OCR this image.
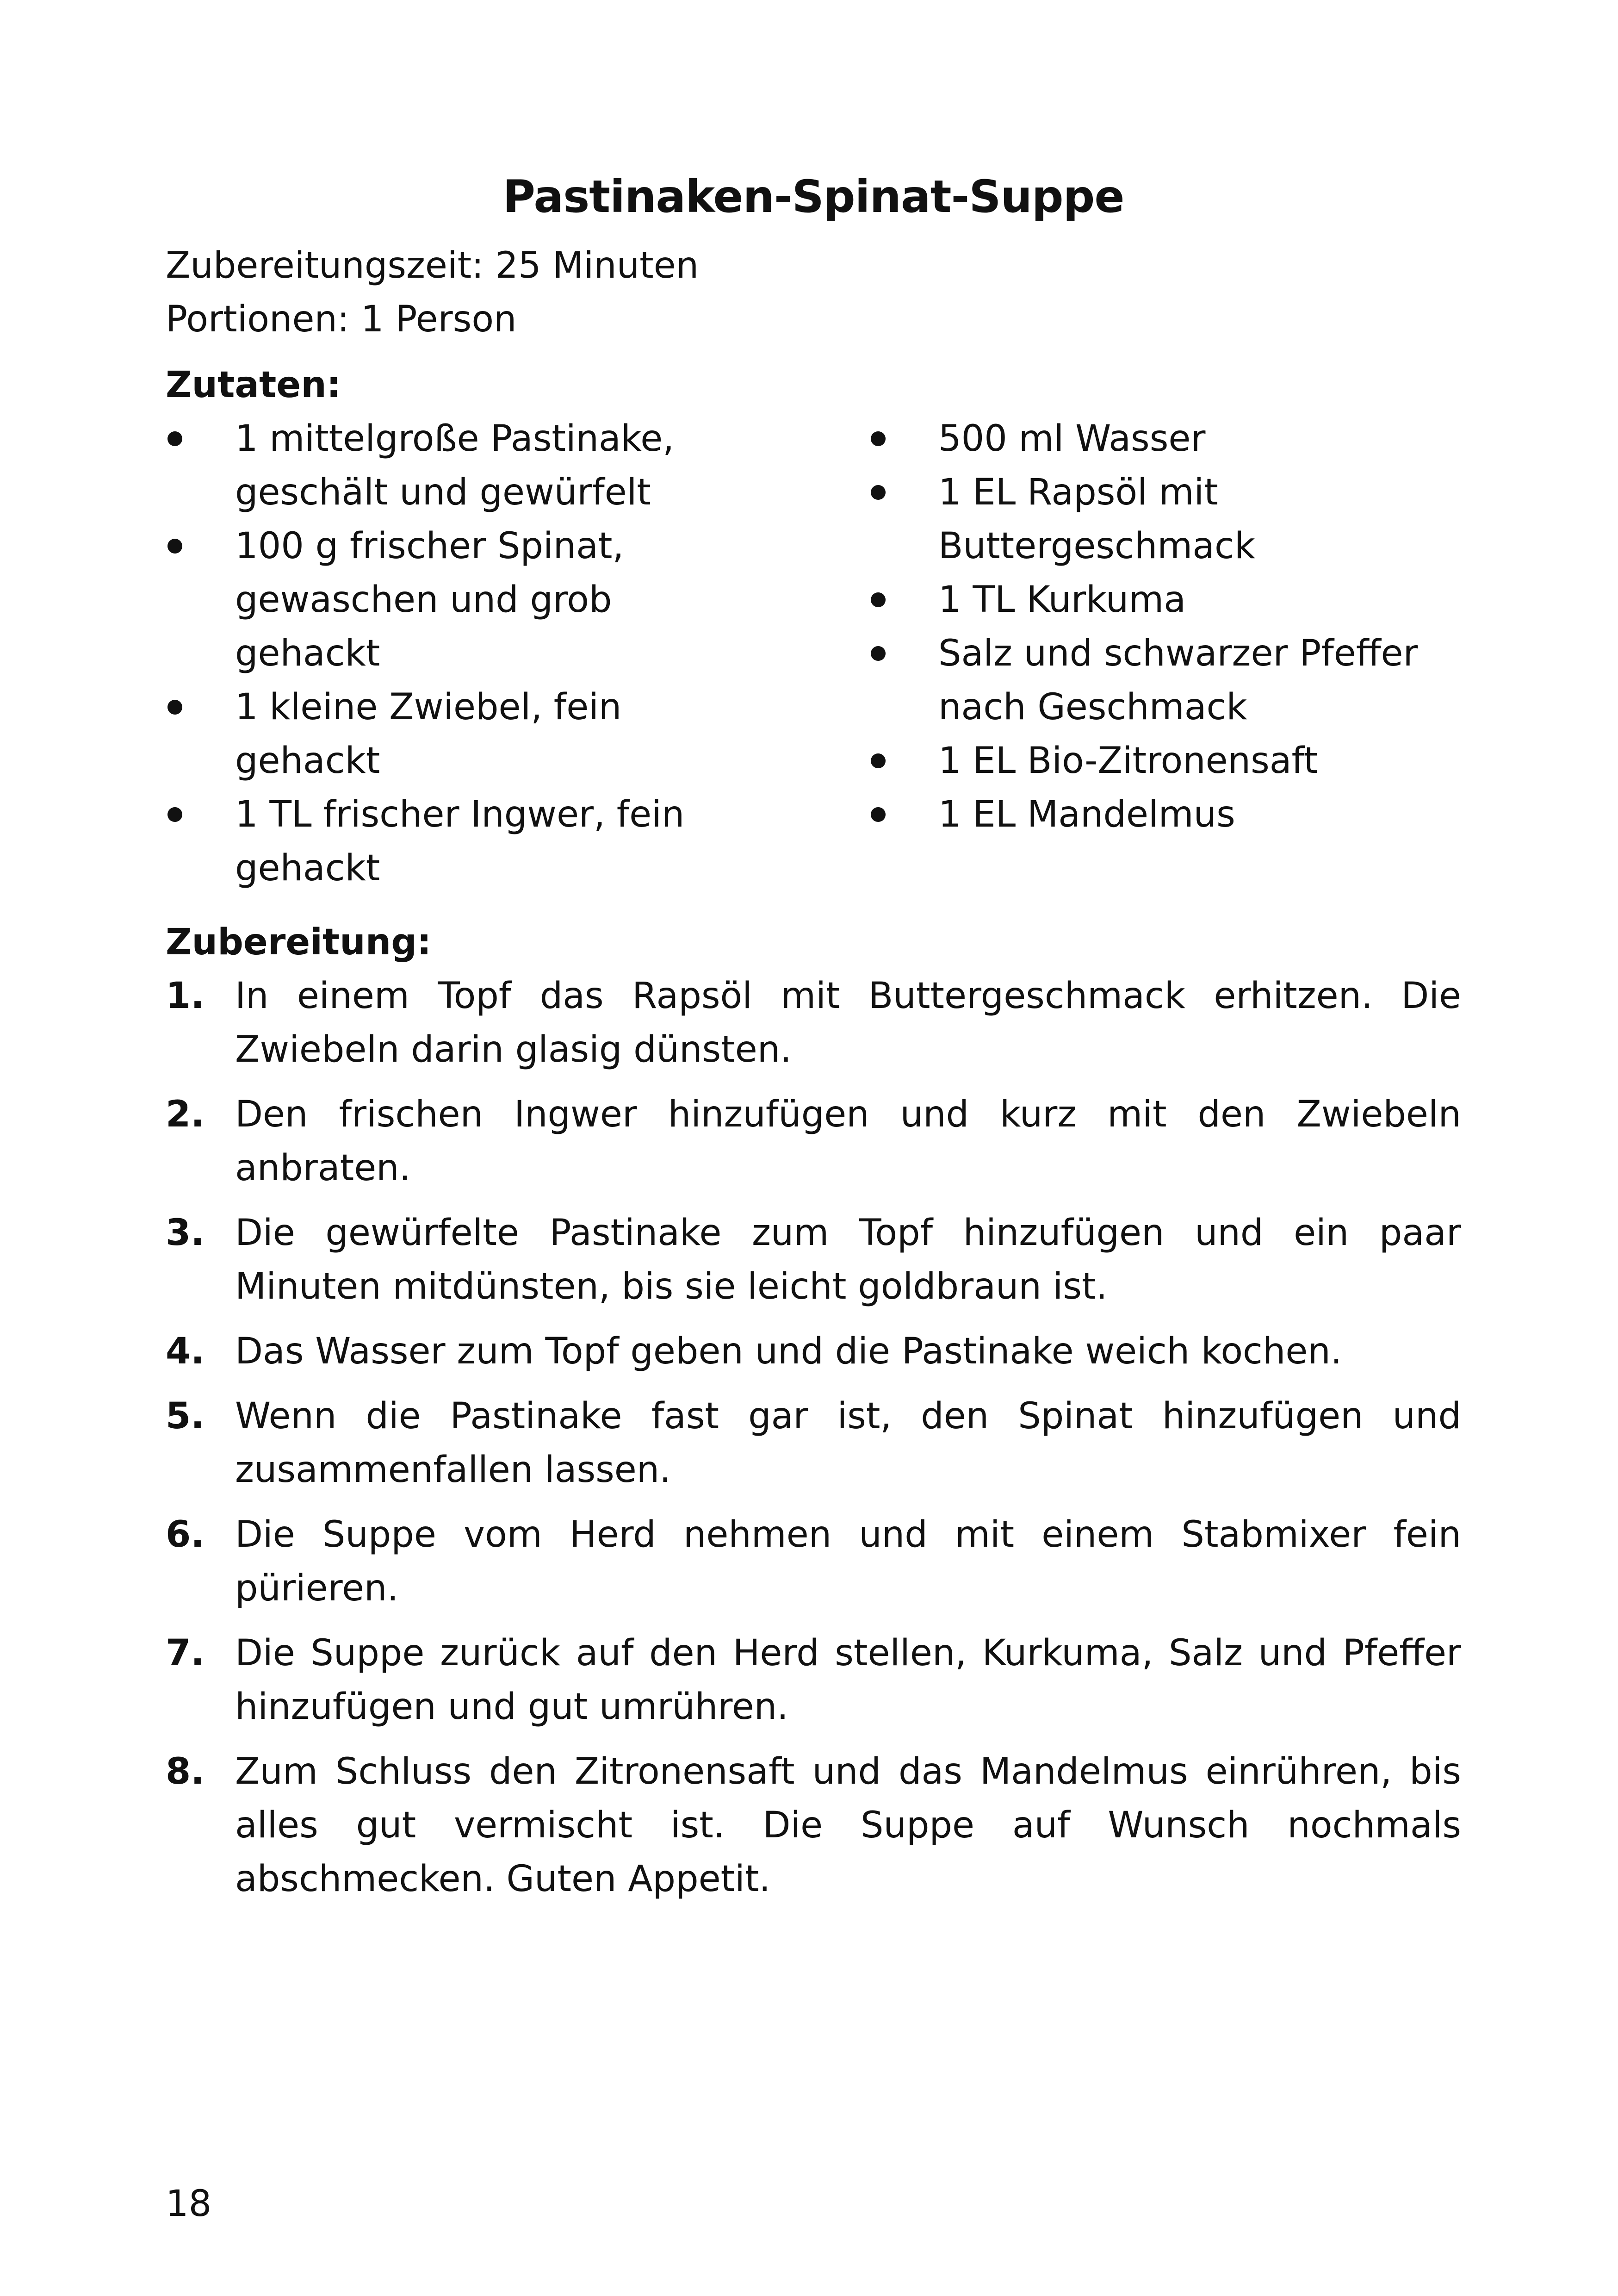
Pastinaken-Spinat-Suppe

Zubereitungszeit: 25 Minuten

Portionen: 1 Person

Zutaten:

1 mittelgroße Pastinake, geschält und gewürfelt
100 g frischer Spinat, gewaschen und grob gehackt
1 kleine Zwiebel, fein gehackt
1 TL frischer Ingwer, fein gehackt
500 ml Wasser
1 EL Rapsöl mit Buttergeschmack
1 TL Kurkuma
Salz und schwarzer Pfeffer nach Geschmack
1 EL Bio-Zitronensaft
1 EL Mandelmus

Zubereitung:

1. In einem Topf das Rapsöl mit Buttergeschmack erhitzen. Die Zwiebeln darin glasig dünsten.
2. Den frischen Ingwer hinzufügen und kurz mit den Zwiebeln anbraten.
3. Die gewürfelte Pastinake zum Topf hinzufügen und ein paar Minuten mitdünsten, bis sie leicht goldbraun ist.
4. Das Wasser zum Topf geben und die Pastinake weich kochen.
5. Wenn die Pastinake fast gar ist, den Spinat hinzufügen und zusammenfallen lassen.
6. Die Suppe vom Herd nehmen und mit einem Stabmixer fein pürieren.
7. Die Suppe zurück auf den Herd stellen, Kurkuma, Salz und Pfeffer hinzufügen und gut umrühren.
8. Zum Schluss den Zitronensaft und das Mandelmus einrühren, bis alles gut vermischt ist. Die Suppe auf Wunsch nochmals abschmecken. Guten Appetit.
18
